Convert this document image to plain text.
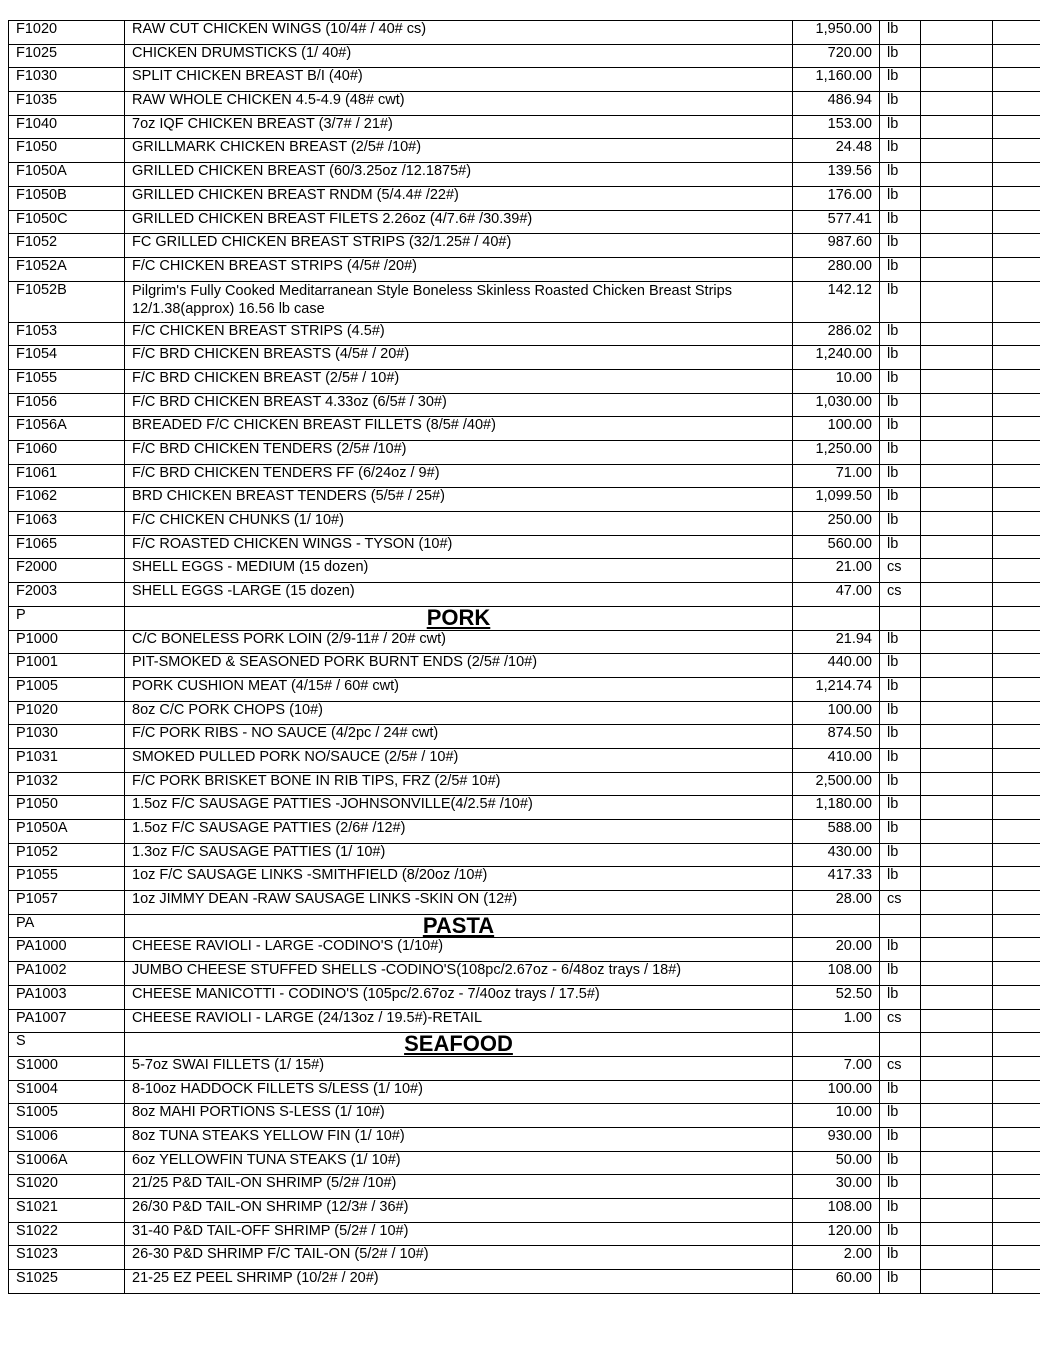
F1020	RAW CUT CHICKEN WINGS (10/4# / 40# cs)	1,950.00	lb			
F1025	CHICKEN DRUMSTICKS (1/ 40#)	720.00	lb			
F1030	SPLIT CHICKEN BREAST B/I (40#)	1,160.00	lb			
F1035	RAW WHOLE CHICKEN 4.5-4.9 (48# cwt)	486.94	lb			
F1040	7oz IQF CHICKEN BREAST (3/7# / 21#)	153.00	lb			
F1050	GRILLMARK CHICKEN BREAST (2/5# /10#)	24.48	lb			
F1050A	GRILLED CHICKEN BREAST (60/3.25oz /12.1875#)	139.56	lb			
F1050B	GRILLED CHICKEN BREAST RNDM (5/4.4# /22#)	176.00	lb			
F1050C	GRILLED CHICKEN BREAST FILETS 2.26oz (4/7.6# /30.39#)	577.41	lb			
F1052	FC GRILLED CHICKEN BREAST STRIPS (32/1.25# / 40#)	987.60	lb			
F1052A	F/C CHICKEN BREAST STRIPS (4/5# /20#)	280.00	lb			
F1052B	Pilgrim's Fully Cooked Meditarranean Style Boneless Skinless Roasted Chicken Breast Strips 12/1.38(approx) 16.56 lb case	142.12	lb			
F1053	F/C CHICKEN BREAST STRIPS (4.5#)	286.02	lb			
F1054	F/C BRD CHICKEN BREASTS (4/5# / 20#)	1,240.00	lb			
F1055	F/C BRD CHICKEN BREAST (2/5# / 10#)	10.00	lb			
F1056	F/C BRD CHICKEN BREAST 4.33oz (6/5# / 30#)	1,030.00	lb			
F1056A	BREADED F/C CHICKEN BREAST FILLETS (8/5# /40#)	100.00	lb			
F1060	F/C BRD CHICKEN TENDERS (2/5# /10#)	1,250.00	lb			
F1061	F/C BRD CHICKEN TENDERS FF (6/24oz / 9#)	71.00	lb			
F1062	BRD CHICKEN BREAST TENDERS (5/5# / 25#)	1,099.50	lb			
F1063	F/C CHICKEN CHUNKS (1/ 10#)	250.00	lb			
F1065	F/C ROASTED CHICKEN WINGS - TYSON (10#)	560.00	lb			
F2000	SHELL EGGS - MEDIUM (15 dozen)	21.00	cs			
F2003	SHELL EGGS -LARGE (15 dozen)	47.00	cs			
P	PORK					
P1000	C/C BONELESS PORK LOIN (2/9-11# / 20# cwt)	21.94	lb			
P1001	PIT-SMOKED & SEASONED PORK BURNT ENDS (2/5# /10#)	440.00	lb			
P1005	PORK CUSHION MEAT (4/15# / 60# cwt)	1,214.74	lb			
P1020	8oz C/C PORK CHOPS (10#)	100.00	lb			
P1030	F/C PORK RIBS - NO SAUCE (4/2pc / 24# cwt)	874.50	lb			
P1031	SMOKED PULLED PORK NO/SAUCE (2/5# / 10#)	410.00	lb			
P1032	F/C PORK BRISKET BONE IN RIB TIPS, FRZ (2/5# 10#)	2,500.00	lb			
P1050	1.5oz F/C SAUSAGE PATTIES -JOHNSONVILLE(4/2.5# /10#)	1,180.00	lb			
P1050A	1.5oz F/C SAUSAGE PATTIES (2/6# /12#)	588.00	lb			
P1052	1.3oz F/C SAUSAGE PATTIES (1/ 10#)	430.00	lb			
P1055	1oz F/C SAUSAGE LINKS -SMITHFIELD (8/20oz /10#)	417.33	lb			
P1057	1oz JIMMY DEAN -RAW SAUSAGE LINKS -SKIN ON (12#)	28.00	cs			
PA	PASTA					
PA1000	CHEESE RAVIOLI - LARGE -CODINO'S (1/10#)	20.00	lb			
PA1002	JUMBO CHEESE STUFFED SHELLS -CODINO'S(108pc/2.67oz - 6/48oz trays / 18#)	108.00	lb			
PA1003	CHEESE MANICOTTI - CODINO'S (105pc/2.67oz - 7/40oz trays / 17.5#)	52.50	lb			
PA1007	CHEESE RAVIOLI - LARGE (24/13oz / 19.5#)-RETAIL	1.00	cs			
S	SEAFOOD					
S1000	5-7oz SWAI FILLETS (1/ 15#)	7.00	cs			
S1004	8-10oz HADDOCK FILLETS S/LESS (1/ 10#)	100.00	lb			
S1005	8oz MAHI PORTIONS S-LESS (1/ 10#)	10.00	lb			
S1006	8oz TUNA STEAKS YELLOW FIN (1/ 10#)	930.00	lb			
S1006A	6oz YELLOWFIN TUNA STEAKS (1/ 10#)	50.00	lb			
S1020	21/25 P&D TAIL-ON SHRIMP (5/2# /10#)	30.00	lb			
S1021	26/30 P&D TAIL-ON SHRIMP (12/3# / 36#)	108.00	lb			
S1022	31-40 P&D TAIL-OFF SHRIMP (5/2# / 10#)	120.00	lb			
S1023	26-30 P&D SHRIMP F/C TAIL-ON (5/2# / 10#)	2.00	lb			
S1025	21-25 EZ PEEL SHRIMP (10/2# / 20#)	60.00	lb			
